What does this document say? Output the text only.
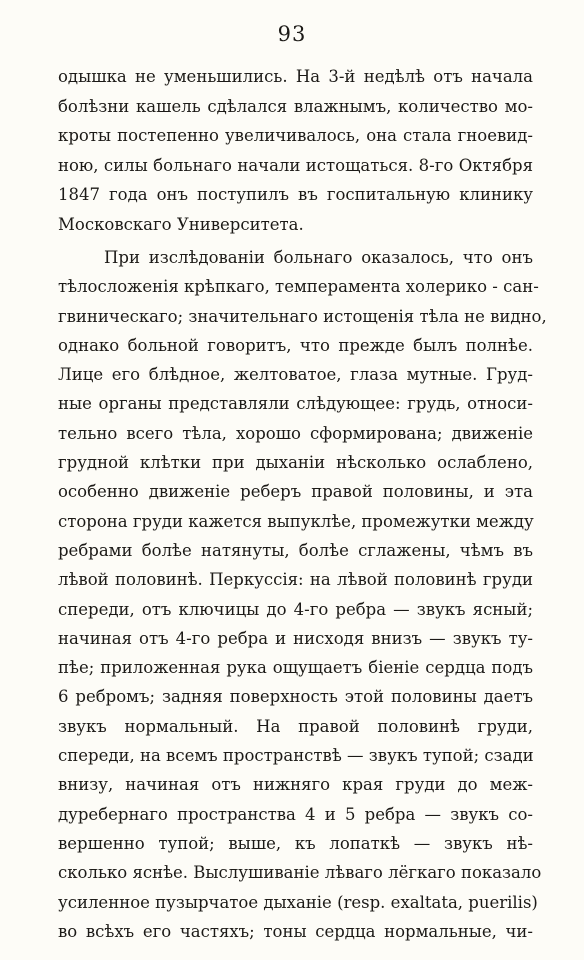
93
одышка не уменьшились. На 3-й недѣлѣ отъ начала
болѣзни кашель сдѣлался влажнымъ, количество мо-
кроты постепенно увеличивалось, она стала гноевид-
ною, силы больнаго начали истощаться. 8-го Октября
1847 года онъ поступилъ въ госпитальную клинику
Московскаго Университета.
При изслѣдованіи больнаго оказалось, что онъ
тѣлосложенія крѣпкаго, темперамента холерико - сан-
гвиническаго; значительнаго истощенія тѣла не видно,
однако больной говоритъ, что прежде былъ полнѣе.
Лице его блѣдное, желтоватое, глаза мутные. Груд-
ные органы представляли слѣдующее: грудь, относи-
тельно всего тѣла, хорошо сформирована; движеніе
грудной клѣтки при дыханіи нѣсколько ослаблено,
особенно движеніе реберъ правой половины, и эта
сторона груди кажется выпуклѣе, промежутки между
ребрами болѣе натянуты, болѣе сглажены, чѣмъ въ
лѣвой половинѣ. Перкуссія: на лѣвой половинѣ груди
спереди, отъ ключицы до 4-го ребра — звукъ ясный;
начиная отъ 4-го ребра и нисходя внизъ — звукъ ту-
пѣе; приложенная рука ощущаетъ біеніе сердца подъ
6 ребромъ; задняя поверхность этой половины даетъ
звукъ нормальный. На правой половинѣ груди,
спереди, на всемъ пространствѣ — звукъ тупой; сзади
внизу, начиная отъ нижняго края груди до меж-
дуребернаго пространства 4 и 5 ребра — звукъ со-
вершенно тупой; выше, къ лопаткѣ — звукъ нѣ-
сколько яснѣе. Выслушиваніе лѣваго лёгкаго показало
усиленное пузырчатое дыханіе (resp. exaltata, puerilis)
во всѣхъ его частяхъ; тоны сердца нормальные, чи-
